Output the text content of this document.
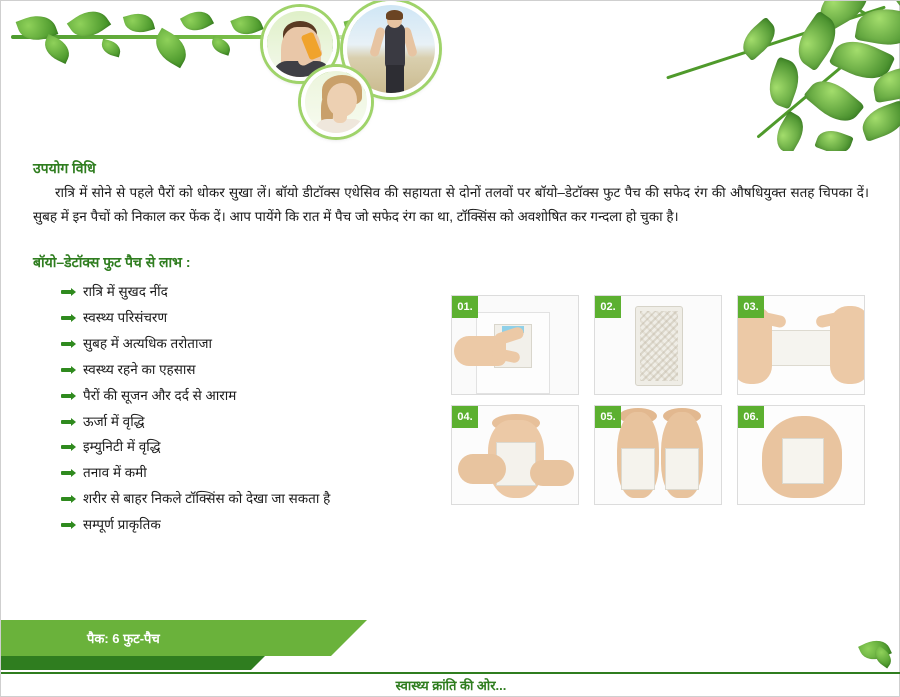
उपयोग विधि
रात्रि में सोने से पहले पैरों को धोकर सुखा लें। बॉयो डीटॉक्स एधेसिव की सहायता से दोनों तलवों पर बॉयो–डेटॉक्स फुट पैच की सफेद रंग की औषधियुक्त सतह चिपका दें। सुबह में इन पैचों को निकाल कर फेंक दें। आप पायेंगे कि रात में पैच जो सफेद रंग का था, टॉक्सिंस को अवशोषित कर गन्दला हो चुका है।
बॉयो–डेटॉक्स फुट पैच से लाभ :
रात्रि में सुखद नींद
स्वस्थ्य परिसंचरण
सुबह में अत्यधिक तरोताजा
स्वस्थ्य रहने का एहसास
पैरों की सूजन और दर्द से आराम
ऊर्जा में वृद्धि
इम्युनिटी में वृद्धि
तनाव में कमी
शरीर से बाहर निकले टॉक्सिंस को देखा जा सकता है
सम्पूर्ण प्राकृतिक
01.	02.	03.
04.	05.	06.
पैक: 6 फुट-पैच
स्वास्थ्य क्रांति की ओर...
